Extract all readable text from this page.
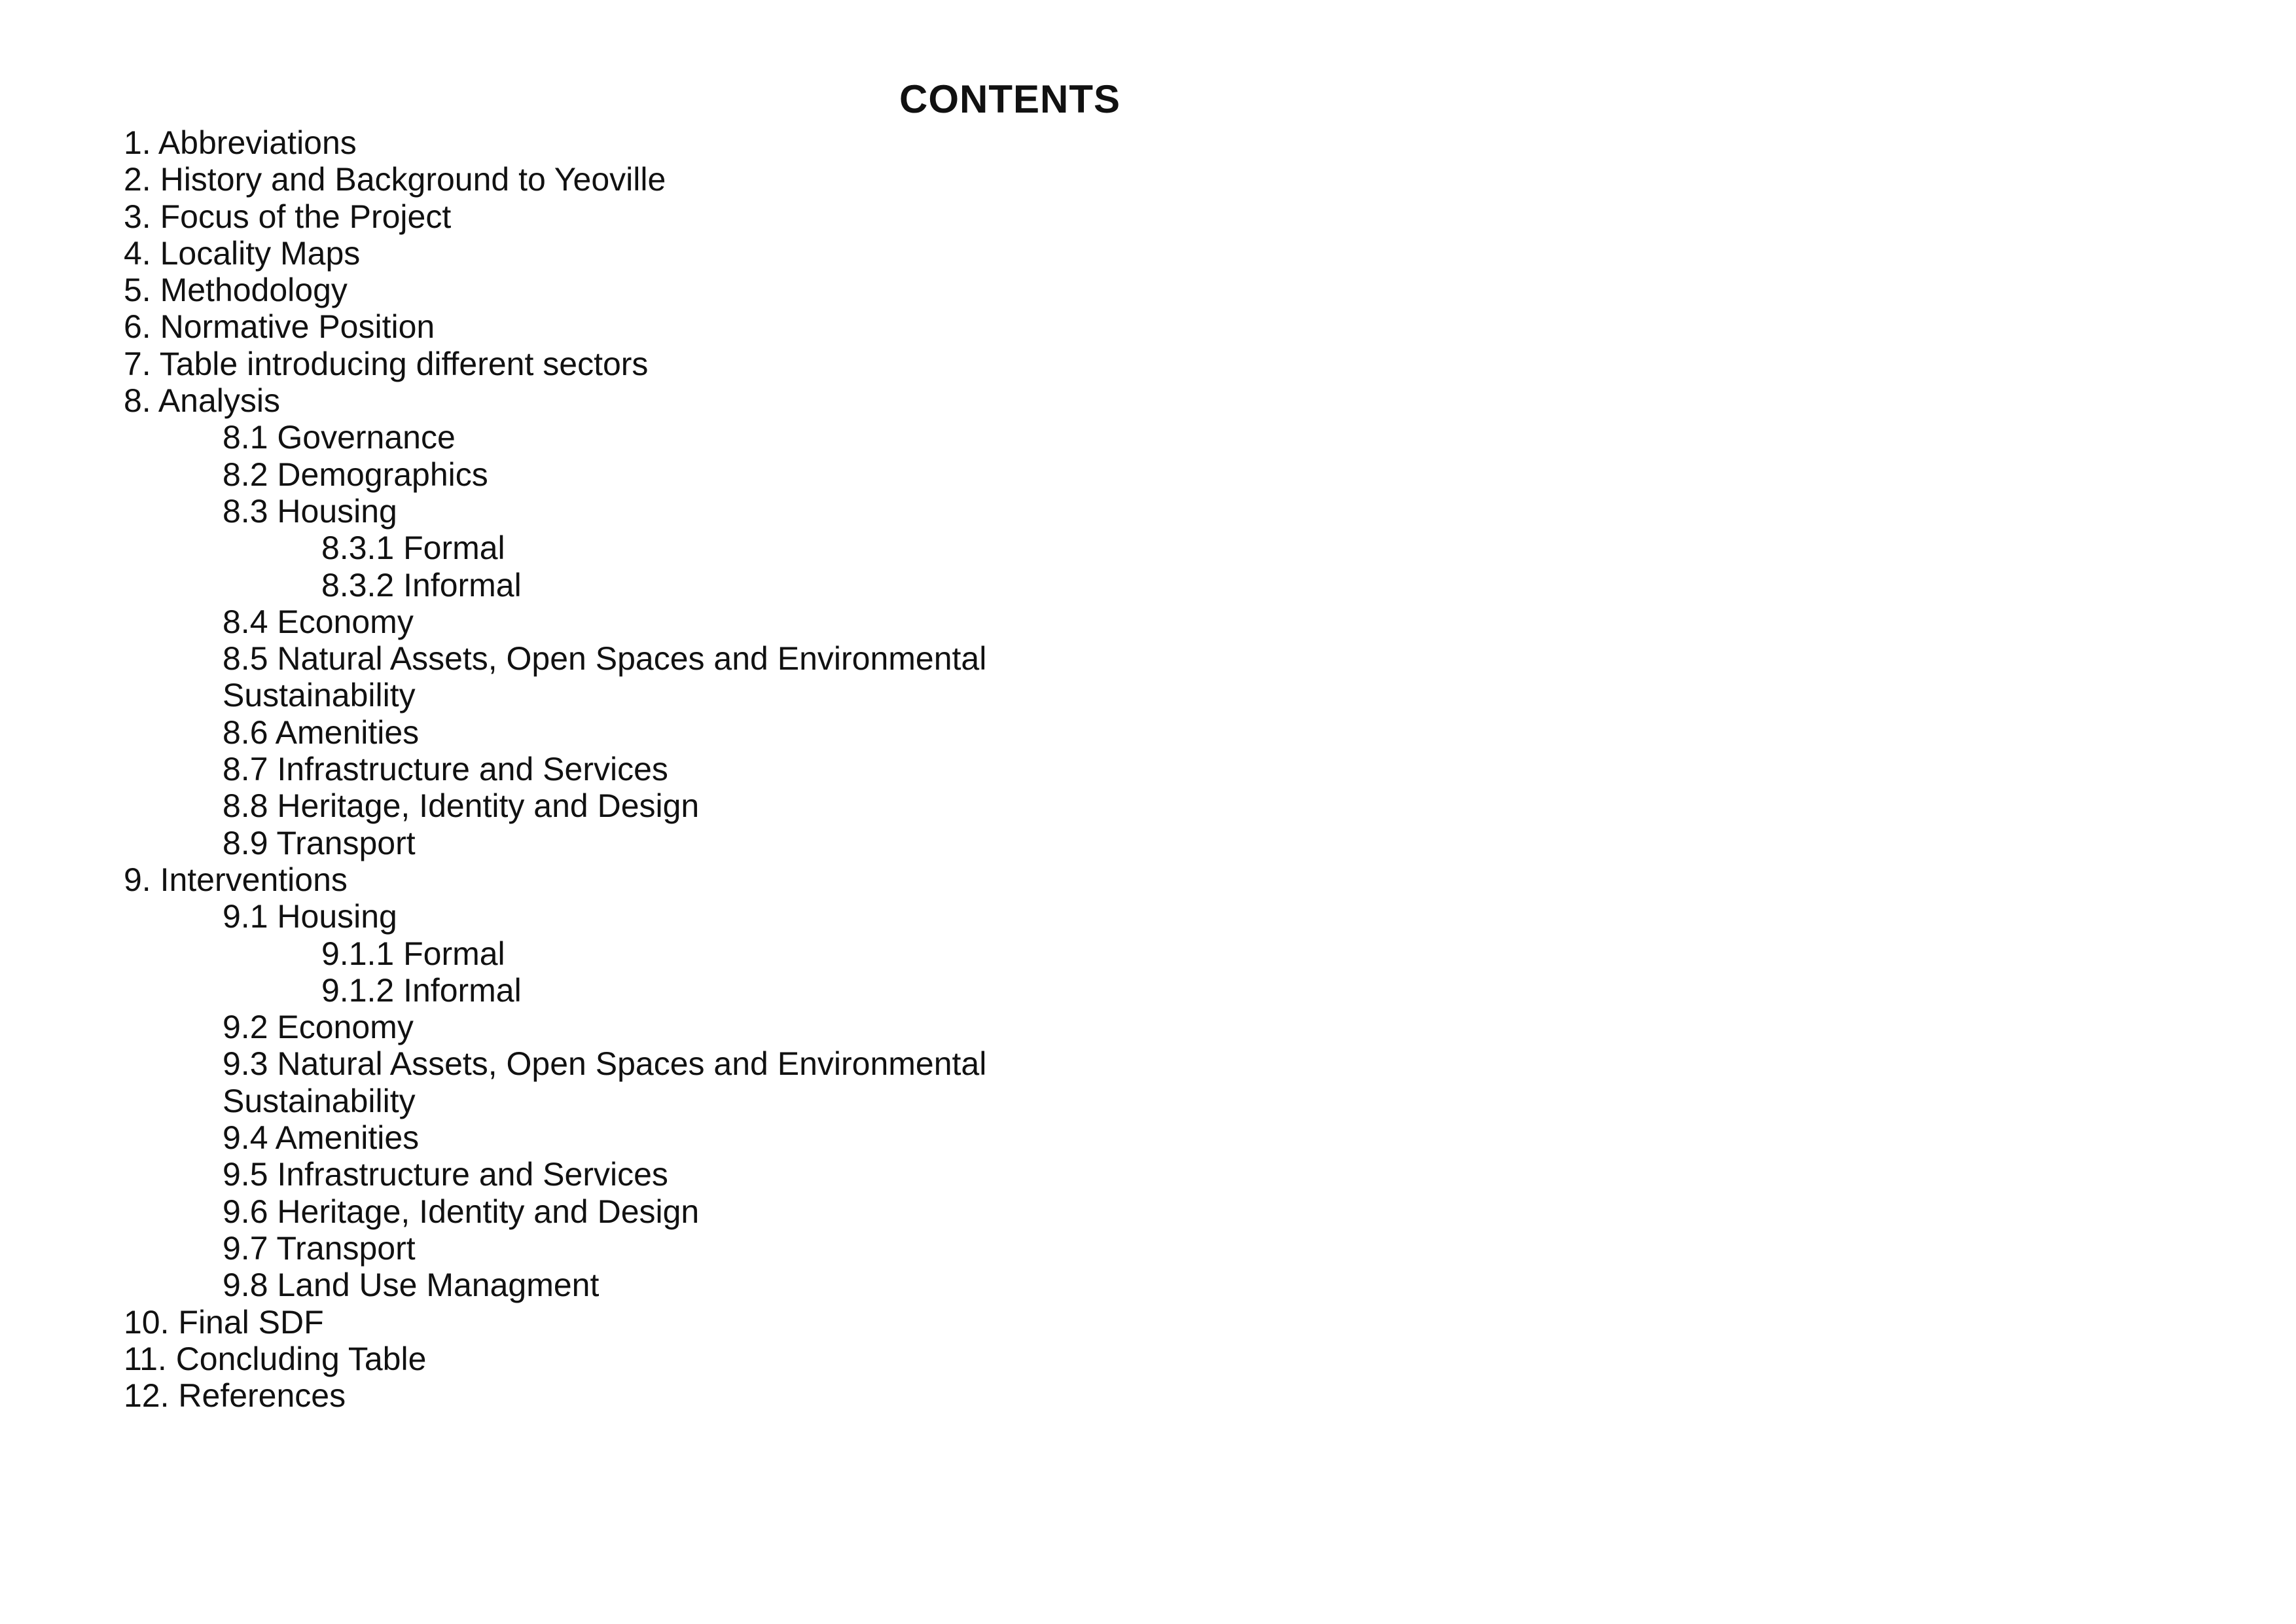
CONTENTS
1. Abbreviations
2. History and Background to Yeoville
3. Focus of the Project
4. Locality Maps
5. Methodology
6. Normative Position
7. Table introducing different sectors
8. Analysis
8.1 Governance
8.2 Demographics
8.3 Housing
8.3.1 Formal
8.3.2 Informal
8.4 Economy
8.5 Natural Assets, Open Spaces and Environmental
Sustainability
8.6 Amenities
8.7 Infrastructure and Services
8.8 Heritage, Identity and Design
8.9 Transport
9. Interventions
9.1 Housing
9.1.1 Formal
9.1.2 Informal
9.2 Economy
9.3 Natural Assets, Open Spaces and Environmental
Sustainability
9.4 Amenities
9.5 Infrastructure and Services
9.6 Heritage, Identity and Design
9.7 Transport
9.8 Land Use Managment
10. Final SDF
11. Concluding Table
12. References
